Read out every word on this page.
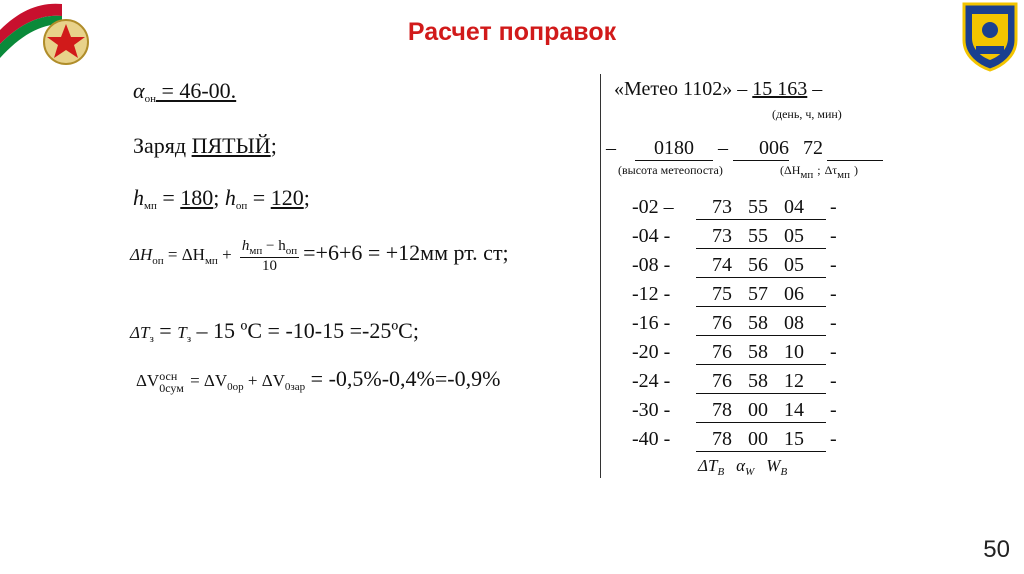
Расчет поправок
$\alpha_{он} = 46-00$.
Заряд ПЯТЫЙ;
$h_{мп} = 180$; $h_{оп} = 120$;
$\Delta H_{оп} = \Delta H_{мп} + \frac{h_{мп} - h_{оп}}{10} =+6+6 = +12мм$ рт. ст;
$\Delta T_з = T_з - 15$ ºС = -10-15 =-25ºС;
ΔV осн
$0сум = \Delta V_{0ор} + \Delta V_{0зар} = -0,5\%-0,4\%=-0,9\%$
«Метео 1102» – 15 163 –
(день, ч, мин)
– 0180 – 006 72
(высота метеопоста)	(ΔHмп ; Δτмп )
-02 – 73 55 04 -
-04 - 73 55 05 -
-08 - 74 56 05 -
-12 - 75 57 06 -
-16 - 76 58 08 -
-20 - 76 58 10 -
-24 - 76 58 12 -
-30 - 78 00 14 -
-40 - 78 00 15 -
$\Delta T_B$ $\alpha_W$ $W_B$
50
